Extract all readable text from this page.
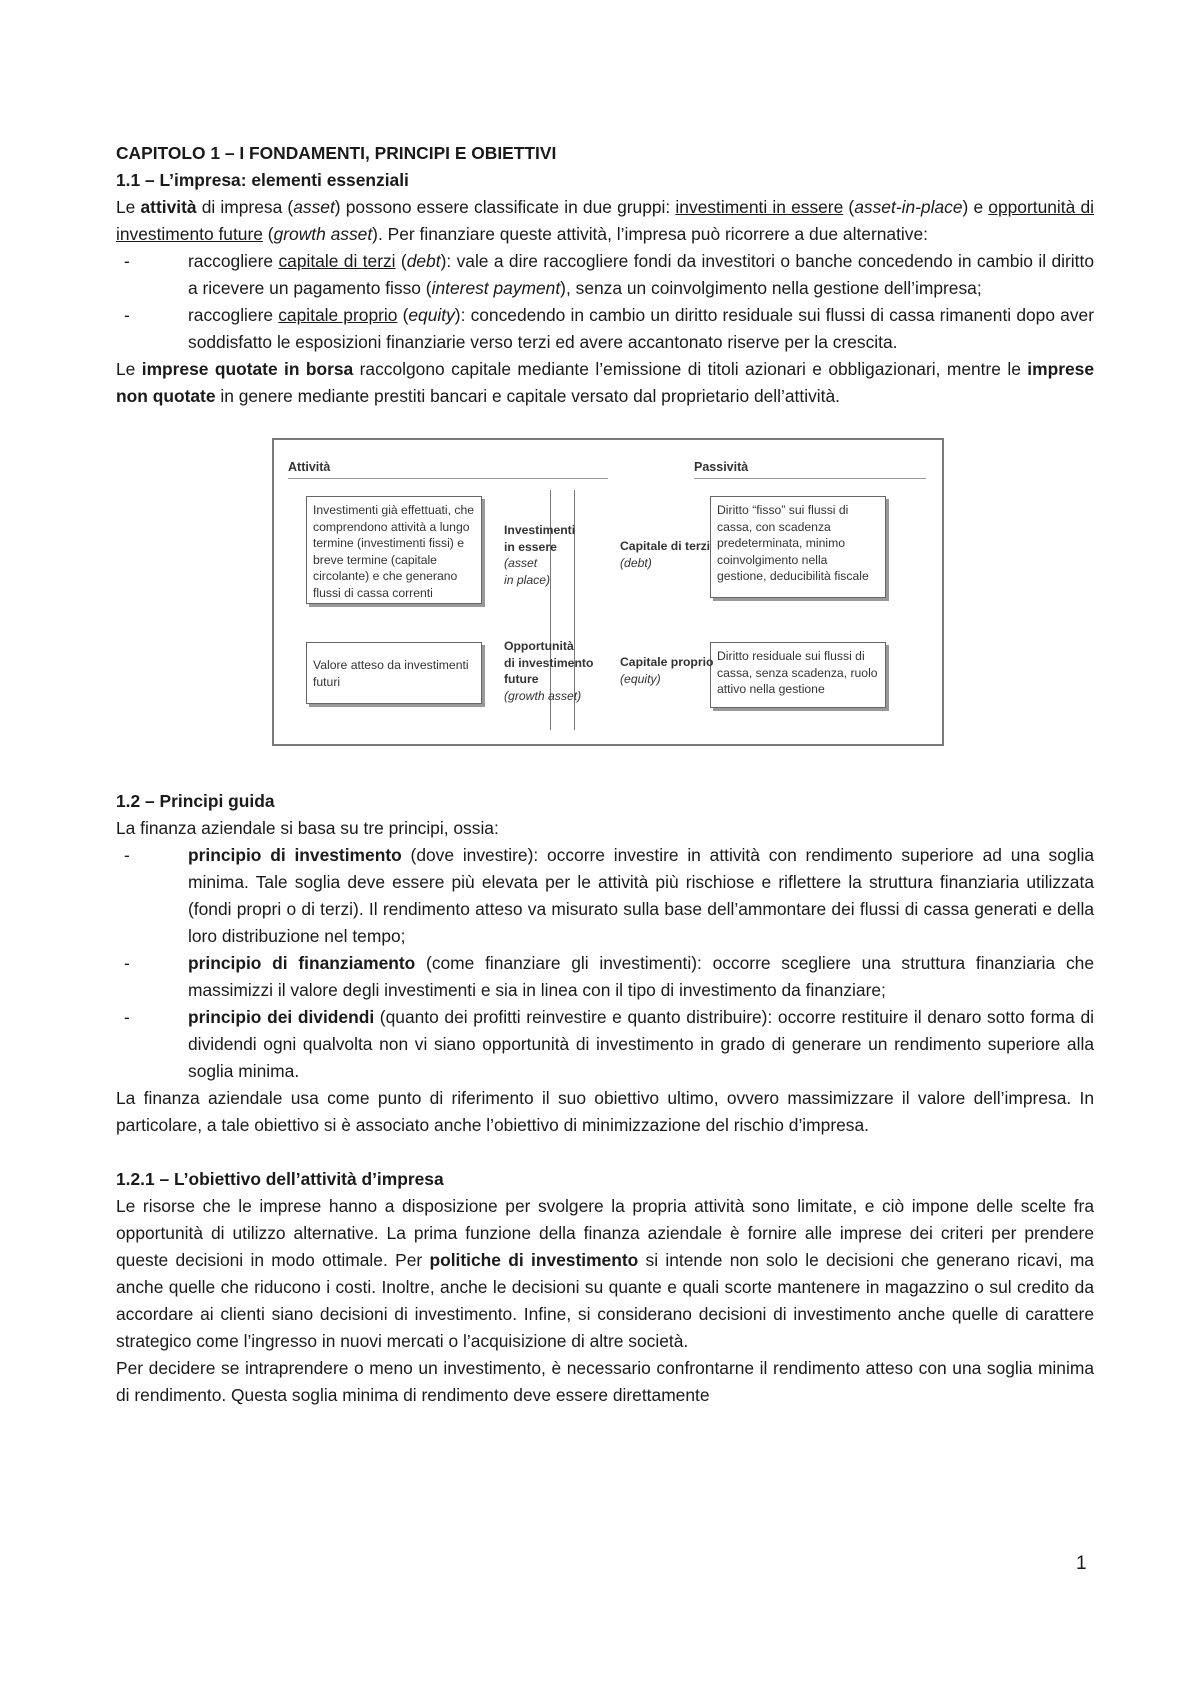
CAPITOLO 1 – I FONDAMENTI, PRINCIPI E OBIETTIVI

1.1 – L’impresa: elementi essenziali

Le attività di impresa (asset) possono essere classificate in due gruppi: investimenti in essere (asset-in-place) e opportunità di investimento future (growth asset). Per finanziare queste attività, l’impresa può ricorrere a due alternative:

- raccogliere capitale di terzi (debt): vale a dire raccogliere fondi da investitori o banche concedendo in cambio il diritto a ricevere un pagamento fisso (interest payment), senza un coinvolgimento nella gestione dell’impresa;
- raccogliere capitale proprio (equity): concedendo in cambio un diritto residuale sui flussi di cassa rimanenti dopo aver soddisfatto le esposizioni finanziarie verso terzi ed avere accantonato riserve per la crescita.

Le imprese quotate in borsa raccolgono capitale mediante l’emissione di titoli azionari e obbligazionari, mentre le imprese non quotate in genere mediante prestiti bancari e capitale versato dal proprietario dell’attività.

Attività	Passività
Investimenti già effettuati, che comprendono attività a lungo termine (investimenti fissi) e breve termine (capitale circolante) e che generano flussi di cassa correnti
Valore atteso da investimenti futuri
Diritto “fisso” sui flussi di cassa, con scadenza predeterminata, minimo coinvolgimento nella gestione, deducibilità fiscale
Diritto residuale sui flussi di cassa, senza scadenza, ruolo attivo nella gestione
Investimenti
in essere
(asset
in place)
Opportunità
di investimento
future
(growth asset)
Capitale di terzi
(debt)
Capitale proprio
(equity)

1.2 – Principi guida

La finanza aziendale si basa su tre principi, ossia:

- principio di investimento (dove investire): occorre investire in attività con rendimento superiore ad una soglia minima. Tale soglia deve essere più elevata per le attività più rischiose e riflettere la struttura finanziaria utilizzata (fondi propri o di terzi). Il rendimento atteso va misurato sulla base dell’ammontare dei flussi di cassa generati e della loro distribuzione nel tempo;
- principio di finanziamento (come finanziare gli investimenti): occorre scegliere una struttura finanziaria che massimizzi il valore degli investimenti e sia in linea con il tipo di investimento da finanziare;
- principio dei dividendi (quanto dei profitti reinvestire e quanto distribuire): occorre restituire il denaro sotto forma di dividendi ogni qualvolta non vi siano opportunità di investimento in grado di generare un rendimento superiore alla soglia minima.

La finanza aziendale usa come punto di riferimento il suo obiettivo ultimo, ovvero massimizzare il valore dell’impresa. In particolare, a tale obiettivo si è associato anche l’obiettivo di minimizzazione del rischio d’impresa.

1.2.1 – L’obiettivo dell’attività d’impresa

Le risorse che le imprese hanno a disposizione per svolgere la propria attività sono limitate, e ciò impone delle scelte fra opportunità di utilizzo alternative. La prima funzione della finanza aziendale è fornire alle imprese dei criteri per prendere queste decisioni in modo ottimale. Per politiche di investimento si intende non solo le decisioni che generano ricavi, ma anche quelle che riducono i costi. Inoltre, anche le decisioni su quante e quali scorte mantenere in magazzino o sul credito da accordare ai clienti siano decisioni di investimento. Infine, si considerano decisioni di investimento anche quelle di carattere strategico come l’ingresso in nuovi mercati o l’acquisizione di altre società.

Per decidere se intraprendere o meno un investimento, è necessario confrontarne il rendimento atteso con una soglia minima di rendimento. Questa soglia minima di rendimento deve essere direttamente

1
